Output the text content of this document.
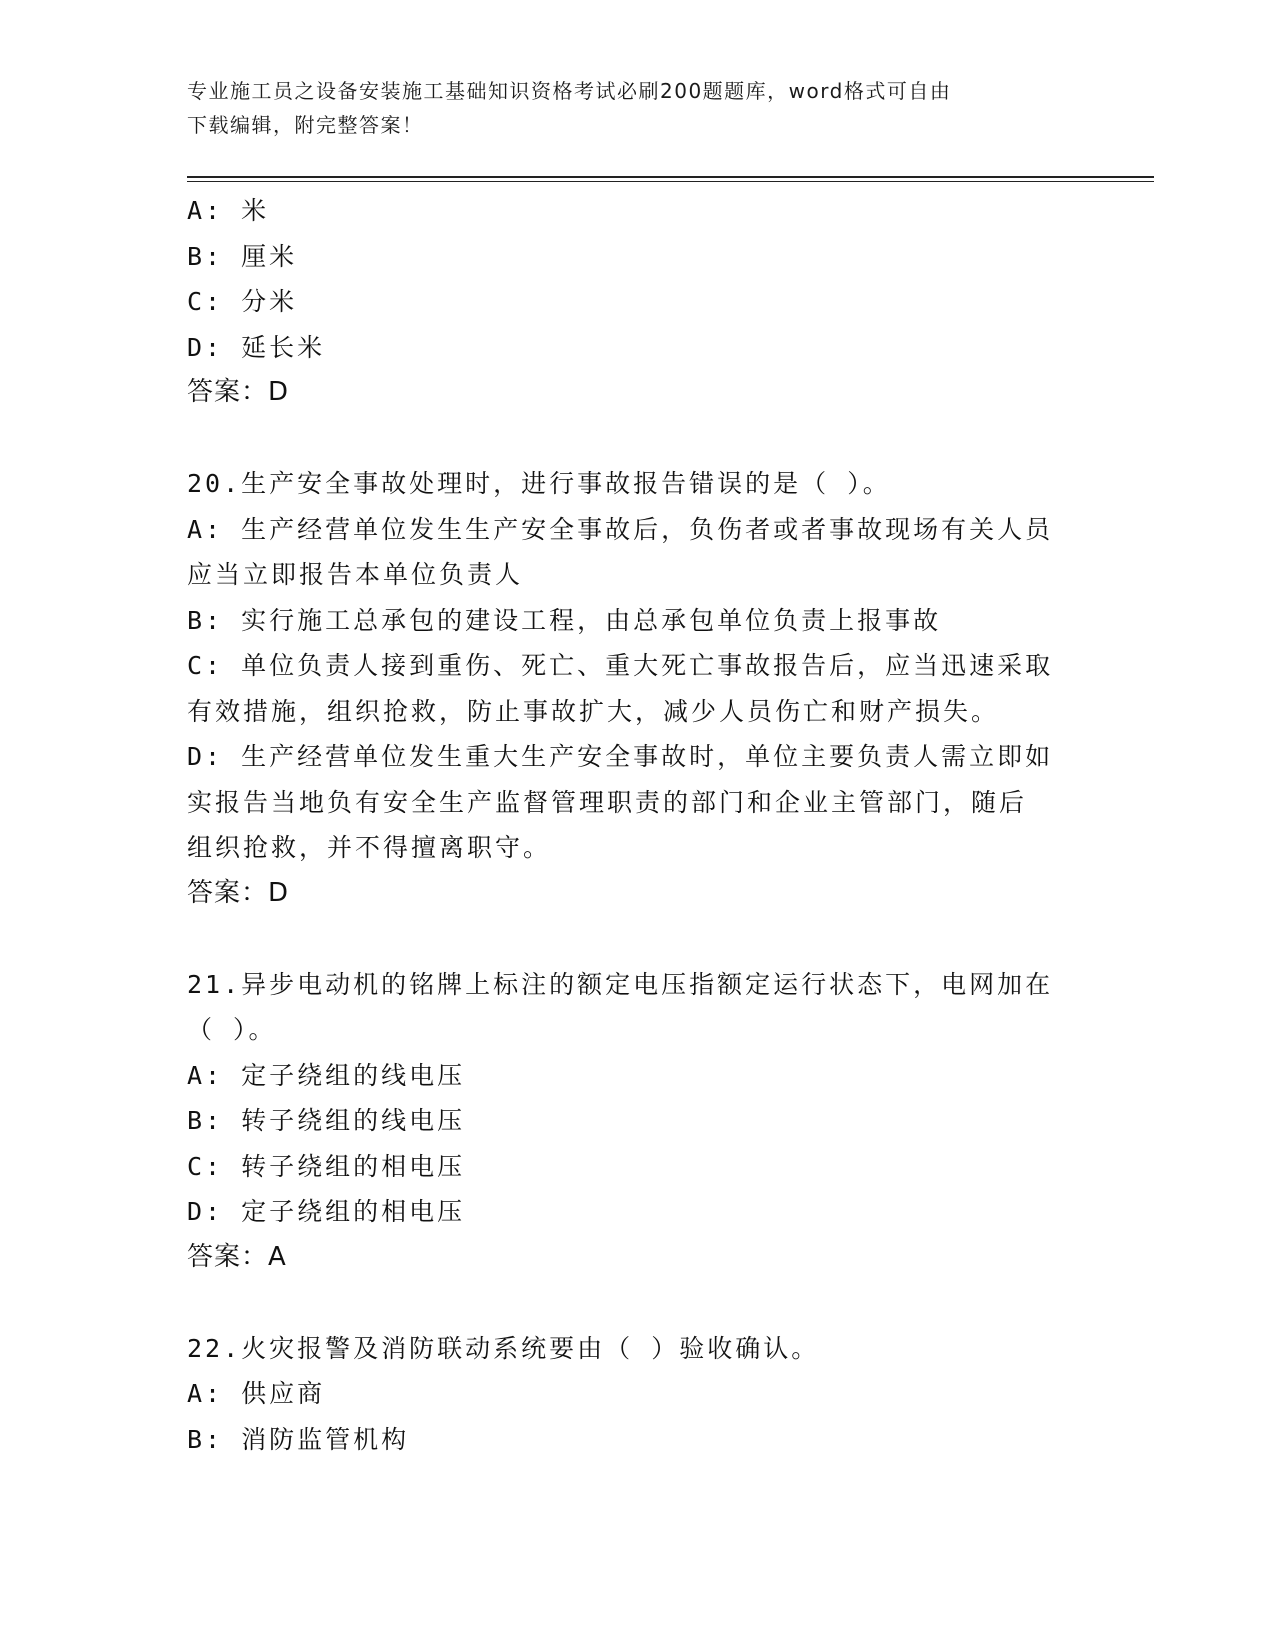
专业施工员之设备安装施工基础知识资格考试必刷200题题库，word格式可自由
下载编辑，附完整答案！
A: 米
B: 厘米
C: 分米
D: 延长米
答案：D
20.生产安全事故处理时，进行事故报告错误的是（ ）。
A: 生产经营单位发生生产安全事故后，负伤者或者事故现场有关人员
应当立即报告本单位负责人
B: 实行施工总承包的建设工程，由总承包单位负责上报事故
C: 单位负责人接到重伤、死亡、重大死亡事故报告后，应当迅速采取
有效措施，组织抢救，防止事故扩大，减少人员伤亡和财产损失。
D: 生产经营单位发生重大生产安全事故时，单位主要负责人需立即如
实报告当地负有安全生产监督管理职责的部门和企业主管部门，随后
组织抢救，并不得擅离职守。
答案：D
21.异步电动机的铭牌上标注的额定电压指额定运行状态下，电网加在
（ ）。
A: 定子绕组的线电压
B: 转子绕组的线电压
C: 转子绕组的相电压
D: 定子绕组的相电压
答案：A
22.火灾报警及消防联动系统要由（ ）验收确认。
A: 供应商
B: 消防监管机构
